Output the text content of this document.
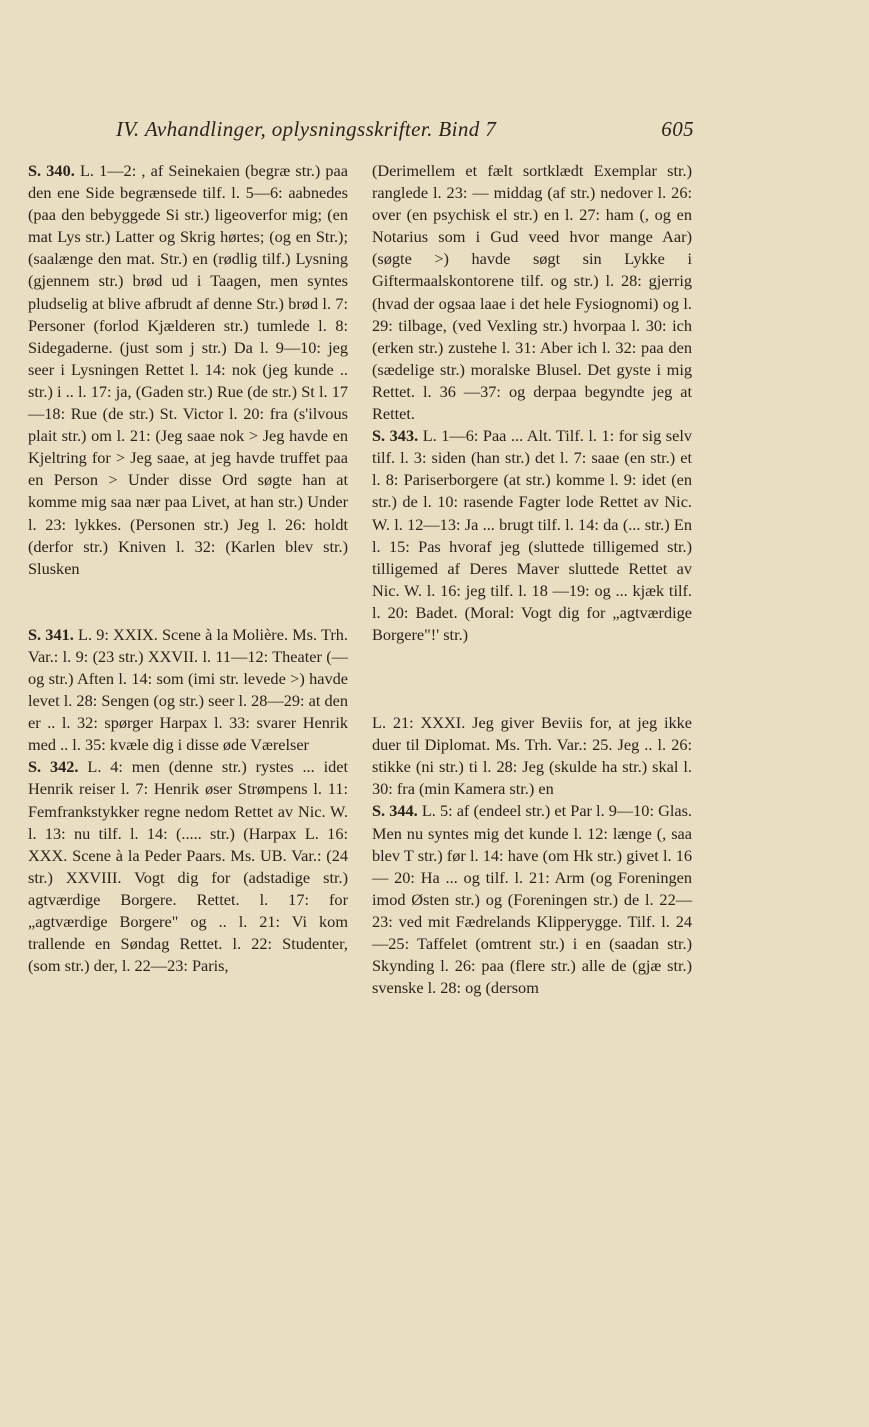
IV. Avhandlinger, oplysningsskrifter. Bind 7	605

S. 340. L. 1—2: , af Seinekaien (begræ str.) paa den ene Side begrænsede tilf. l. 5—6: aabnedes (paa den bebyggede Si str.) ligeoverfor mig; (en mat Lys str.) Latter og Skrig hørtes; (og en Str.); (saalænge den mat. Str.) en (rødlig tilf.) Lysning (gjennem str.) brød ud i Taagen, men syntes pludselig at blive afbrudt af denne Str.) brød l. 7: Personer (forlod Kjælderen str.) tumlede l. 8: Sidegaderne. (just som j str.) Da l. 9—10: jeg seer i Lysningen Rettet l. 14: nok (jeg kunde .. str.) i .. l. 17: ja, (Gaden str.) Rue (de str.) St l. 17—18: Rue (de str.) St. Victor l. 20: fra (s'ilvous plait str.) om l. 21: (Jeg saae nok > Jeg havde en Kjeltring for > Jeg saae, at jeg havde truffet paa en Person > Under disse Ord søgte han at komme mig saa nær paa Livet, at han str.) Under l. 23: lykkes. (Personen str.) Jeg l. 26: holdt (derfor str.) Kniven l. 32: (Karlen blev str.) Slusken

S. 341. L. 9: XXIX. Scene à la Molière. Ms. Trh. Var.: l. 9: (23 str.) XXVII. l. 11—12: Theater (— og str.) Aften l. 14: som (imi str. levede >) havde levet l. 28: Sengen (og str.) seer l. 28—29: at den er .. l. 32: spørger Harpax l. 33: svarer Henrik med .. l. 35: kvæle dig i disse øde Værelser

S. 342. L. 4: men (denne str.) rystes ... idet Henrik reiser l. 7: Henrik øser Strømpens l. 11: Femfrankstykker regne nedom Rettet av Nic. W. l. 13: nu tilf. l. 14: (..... str.) (Harpax L. 16: XXX. Scene à la Peder Paars. Ms. UB. Var.: (24 str.) XXVIII. Vogt dig for (adstadige str.) agtværdige Borgere. Rettet. l. 17: for „agtværdige Borgere" og .. l. 21: Vi kom trallende en Søndag Rettet. l. 22: Studenter, (som str.) der, l. 22—23: Paris,

(Derimellem et fælt sortklædt Exemplar str.) ranglede l. 23: — middag (af str.) nedover l. 26: over (en psychisk el str.) en l. 27: ham (, og en Notarius som i Gud veed hvor mange Aar) (søgte >) havde søgt sin Lykke i Giftermaalskontorene tilf. og str.) l. 28: gjerrig (hvad der ogsaa laae i det hele Fysiognomi) og l. 29: tilbage, (ved Vexling str.) hvorpaa l. 30: ich (erken str.) zustehe l. 31: Aber ich l. 32: paa den (sædelige str.) moralske Blusel. Det gyste i mig Rettet. l. 36 —37: og derpaa begyndte jeg at Rettet.

S. 343. L. 1—6: Paa ... Alt. Tilf. l. 1: for sig selv tilf. l. 3: siden (han str.) det l. 7: saae (en str.) et l. 8: Pariserborgere (at str.) komme l. 9: idet (en str.) de l. 10: rasende Fagter lode Rettet av Nic. W. l. 12—13: Ja ... brugt tilf. l. 14: da (... str.) En l. 15: Pas hvoraf jeg (sluttede tilligemed str.) tilligemed af Deres Maver sluttede Rettet av Nic. W. l. 16: jeg tilf. l. 18 —19: og ... kjæk tilf. l. 20: Badet. (Moral: Vogt dig for „agtværdige Borgere"!' str.)

L. 21: XXXI. Jeg giver Beviis for, at jeg ikke duer til Diplomat. Ms. Trh. Var.: 25. Jeg .. l. 26: stikke (ni str.) ti l. 28: Jeg (skulde ha str.) skal l. 30: fra (min Kamera str.) en

S. 344. L. 5: af (endeel str.) et Par l. 9—10: Glas. Men nu syntes mig det kunde l. 12: længe (, saa blev T str.) før l. 14: have (om Hk str.) givet l. 16— 20: Ha ... og tilf. l. 21: Arm (og Foreningen imod Østen str.) og (Foreningen str.) de l. 22—23: ved mit Fædrelands Klipperygge. Tilf. l. 24—25: Taffelet (omtrent str.) i en (saadan str.) Skynding l. 26: paa (flere str.) alle de (gjæ str.) svenske l. 28: og (dersom
